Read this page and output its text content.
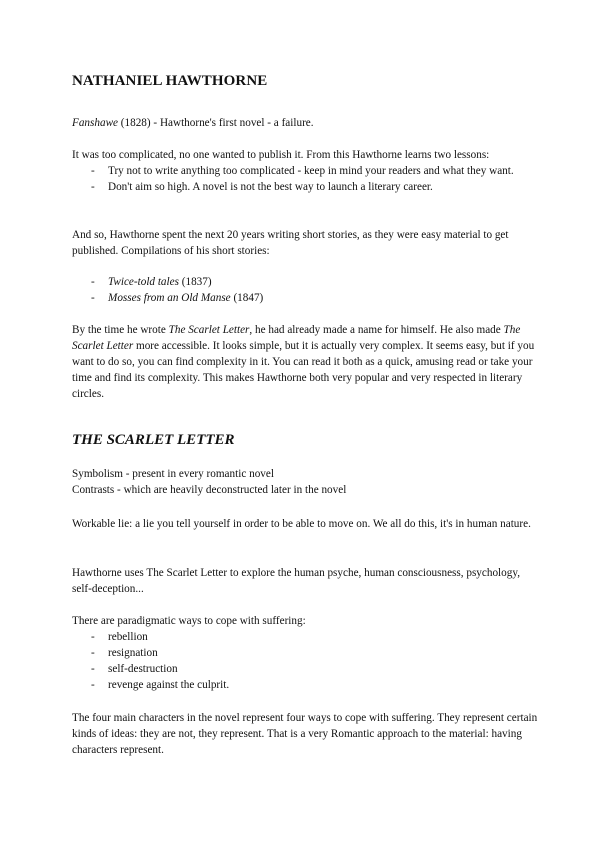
NATHANIEL HAWTHORNE

Fanshawe (1828) - Hawthorne's first novel - a failure.

It was too complicated, no one wanted to publish it. From this Hawthorne learns two lessons:

- Try not to write anything too complicated - keep in mind your readers and what they want.
- Don't aim so high. A novel is not the best way to launch a literary career.

And so, Hawthorne spent the next 20 years writing short stories, as they were easy material to get published. Compilations of his short stories:

- Twice-told tales (1837)
- Mosses from an Old Manse (1847)

By the time he wrote The Scarlet Letter, he had already made a name for himself. He also made The Scarlet Letter more accessible. It looks simple, but it is actually very complex. It seems easy, but if you want to do so, you can find complexity in it. You can read it both as a quick, amusing read or take your time and find its complexity. This makes Hawthorne both very popular and very respected in literary circles.

THE SCARLET LETTER

Symbolism - present in every romantic novel
Contrasts - which are heavily deconstructed later in the novel

Workable lie: a lie you tell yourself in order to be able to move on. We all do this, it's in human nature.

Hawthorne uses The Scarlet Letter to explore the human psyche, human consciousness, psychology, self-deception...

There are paradigmatic ways to cope with suffering:

- rebellion
- resignation
- self-destruction
- revenge against the culprit.

The four main characters in the novel represent four ways to cope with suffering. They represent certain kinds of ideas: they are not, they represent. That is a very Romantic approach to the material: having characters represent.
